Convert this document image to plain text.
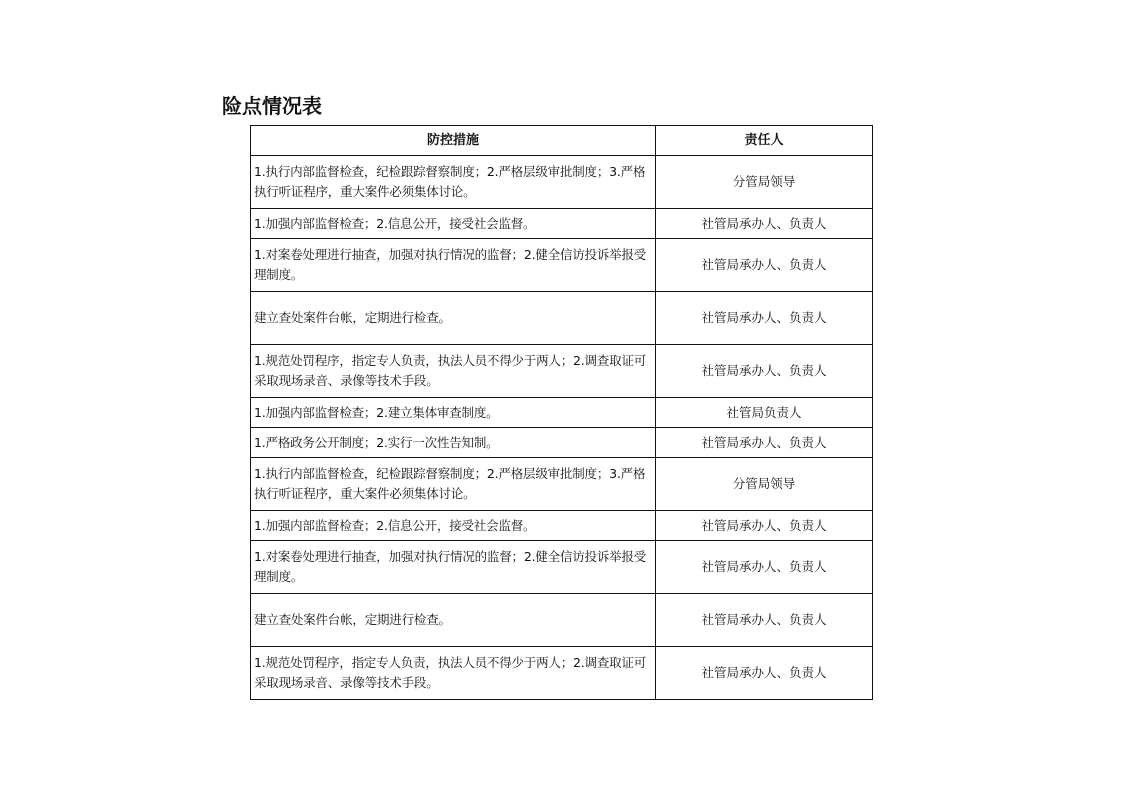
险点情况表
防控措施	责任人
1.执行内部监督检查，纪检跟踪督察制度；2.严格层级审批制度；3.严格执行听证程序，重大案件必须集体讨论。	分管局领导
1.加强内部监督检查；2.信息公开，接受社会监督。	社管局承办人、负责人
1.对案卷处理进行抽查，加强对执行情况的监督；2.健全信访投诉举报受理制度。	社管局承办人、负责人
建立查处案件台帐，定期进行检查。	社管局承办人、负责人
1.规范处罚程序，指定专人负责，执法人员不得少于两人；2.调查取证可采取现场录音、录像等技术手段。	社管局承办人、负责人
1.加强内部监督检查；2.建立集体审查制度。	社管局负责人
1.严格政务公开制度；2.实行一次性告知制。	社管局承办人、负责人
1.执行内部监督检查，纪检跟踪督察制度；2.严格层级审批制度；3.严格执行听证程序，重大案件必须集体讨论。	分管局领导
1.加强内部监督检查；2.信息公开，接受社会监督。	社管局承办人、负责人
1.对案卷处理进行抽查，加强对执行情况的监督；2.健全信访投诉举报受理制度。	社管局承办人、负责人
建立查处案件台帐，定期进行检查。	社管局承办人、负责人
1.规范处罚程序，指定专人负责，执法人员不得少于两人；2.调查取证可采取现场录音、录像等技术手段。	社管局承办人、负责人
